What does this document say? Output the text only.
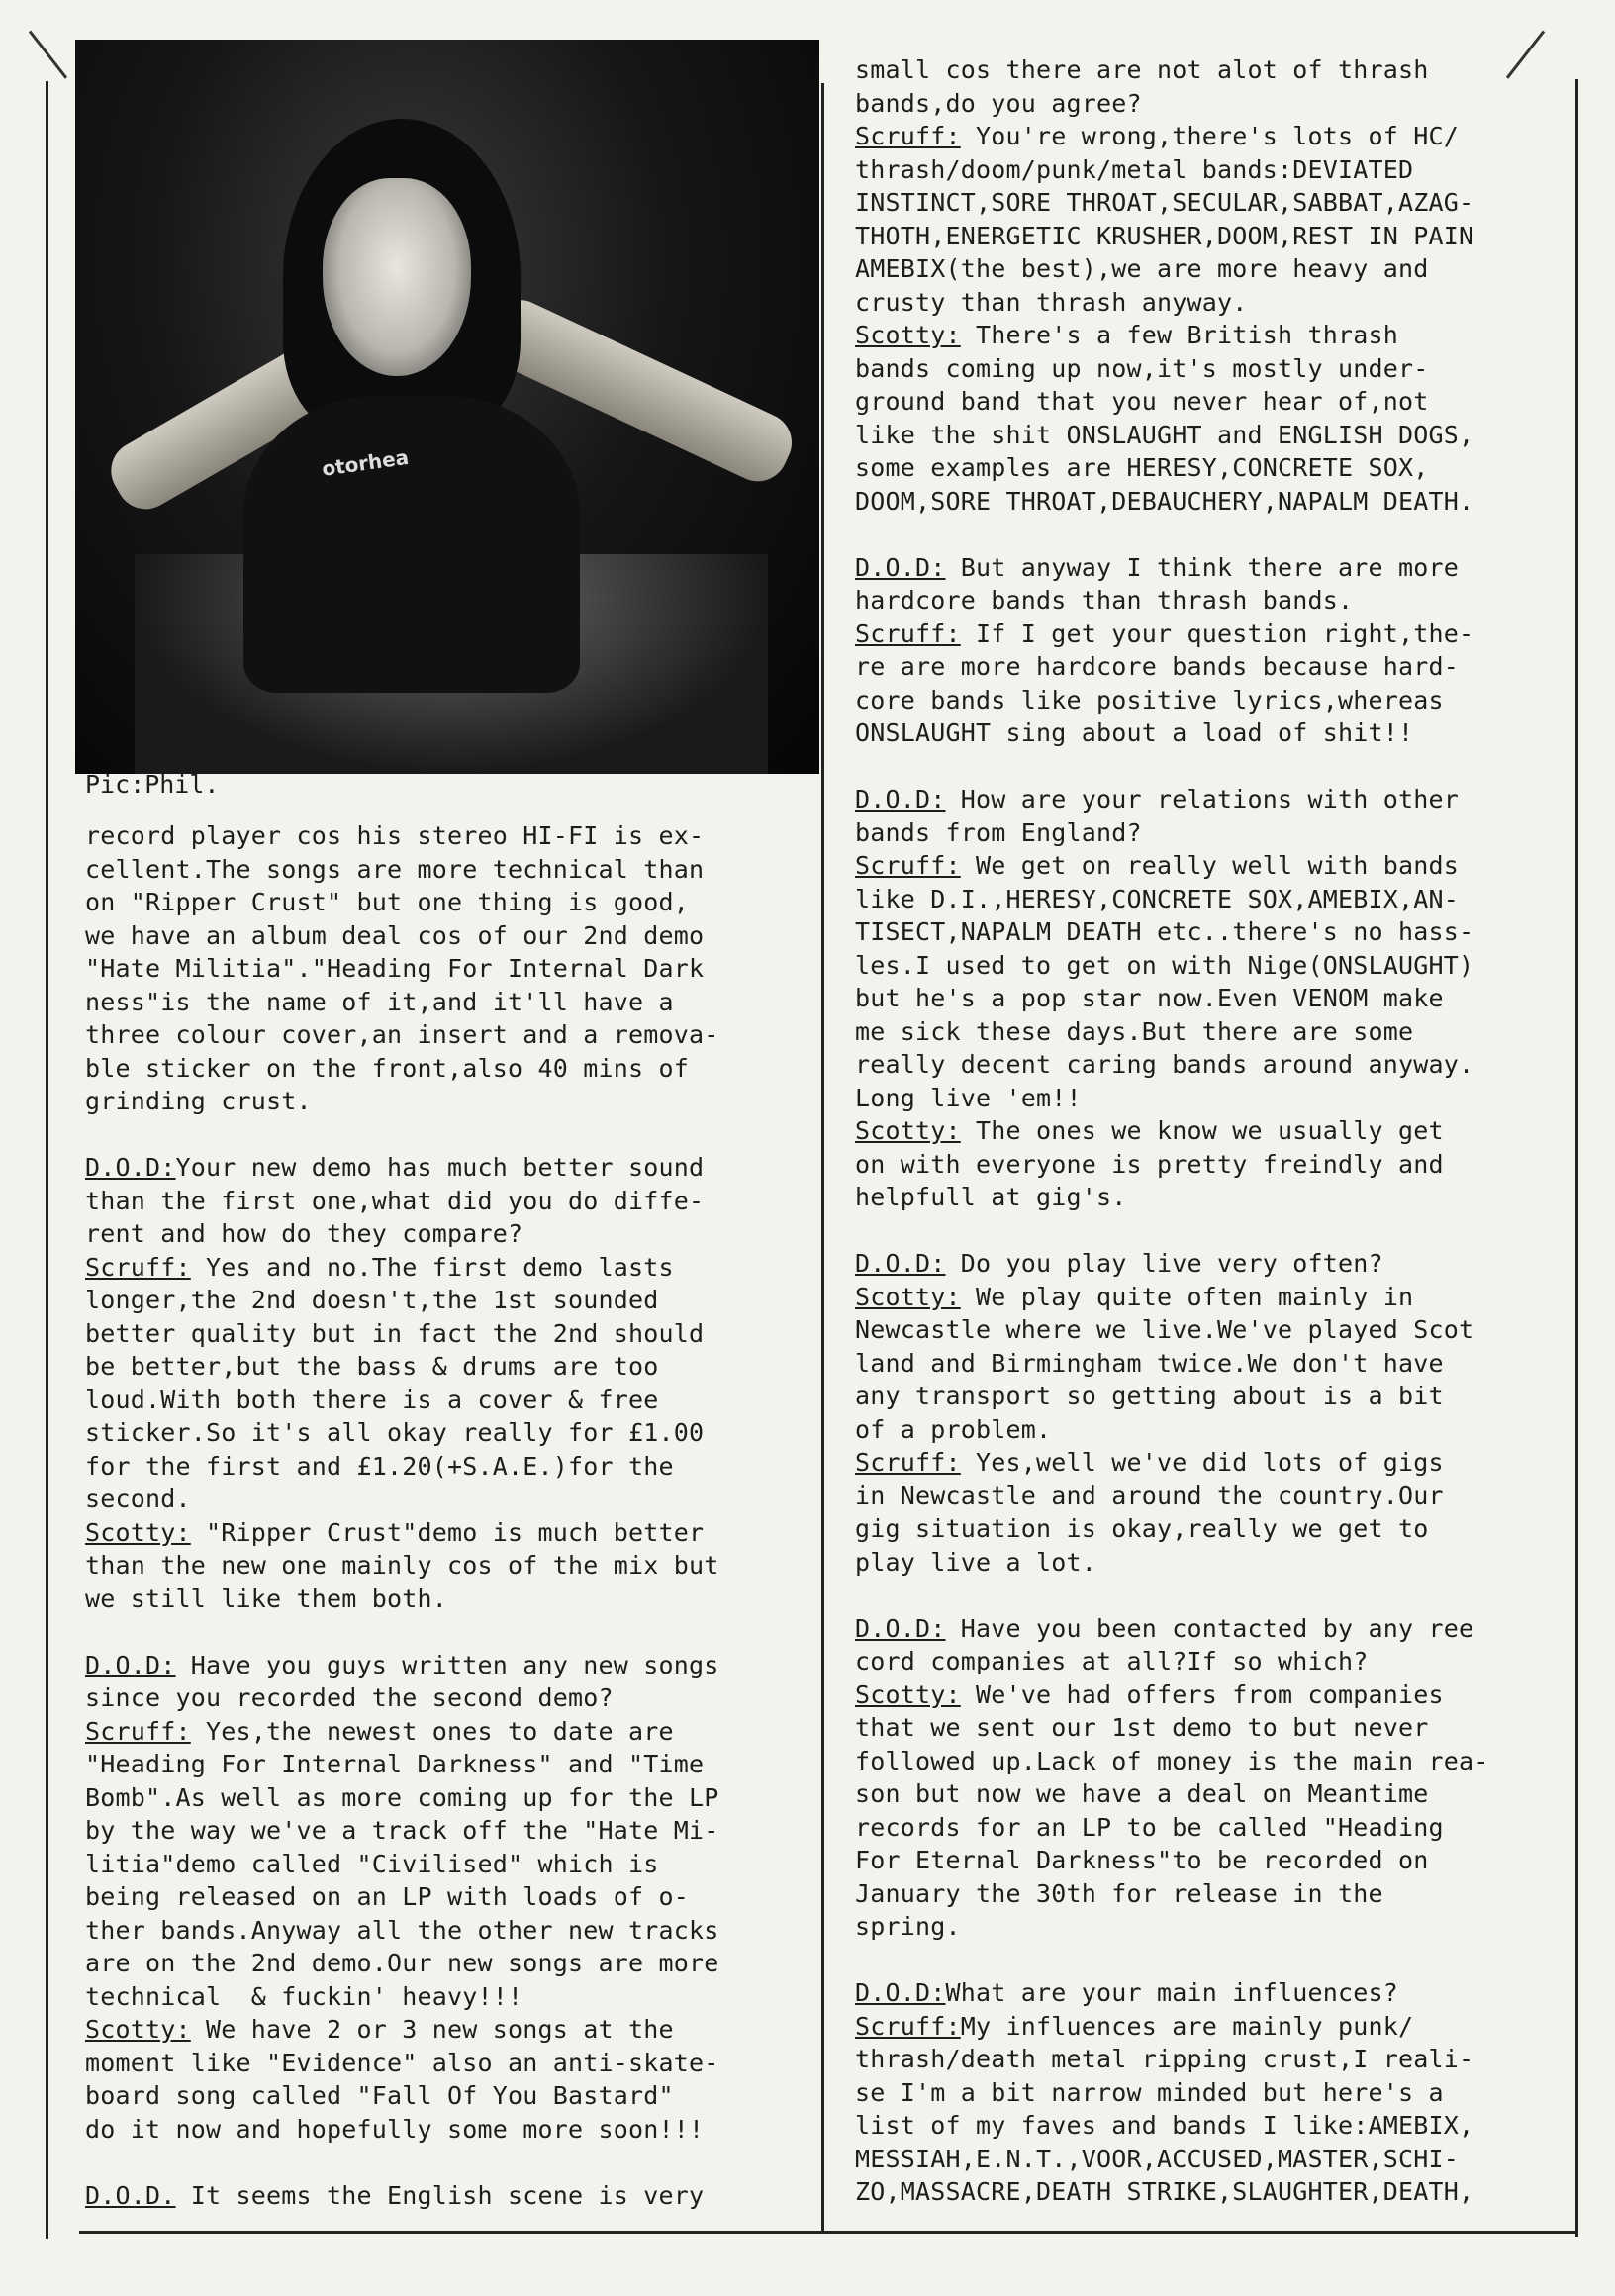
otorhea
Pic:Phil.
record player cos his stereo HI-FI is ex-
cellent.The songs are more technical than
on "Ripper Crust" but one thing is good,
we have an album deal cos of our 2nd demo
"Hate Militia"."Heading For Internal Dark
ness"is the name of it,and it'll have a
three colour cover,an insert and a remova-
ble sticker on the front,also 40 mins of
grinding crust.
D.O.D:Your new demo has much better sound
than the first one,what did you do diffe-
rent and how do they compare?
Scruff: Yes and no.The first demo lasts
longer,the 2nd doesn't,the 1st sounded
better quality but in fact the 2nd should
be better,but the bass & drums are too
loud.With both there is a cover & free
sticker.So it's all okay really for £1.00
for the first and £1.20(+S.A.E.)for the
second.
Scotty: "Ripper Crust"demo is much better
than the new one mainly cos of the mix but
we still like them both.
D.O.D: Have you guys written any new songs
since you recorded the second demo?
Scruff: Yes,the newest ones to date are
"Heading For Internal Darkness" and "Time
Bomb".As well as more coming up for the LP
by the way we've a track off the "Hate Mi-
litia"demo called "Civilised" which is
being released on an LP with loads of o-
ther bands.Anyway all the other new tracks
are on the 2nd demo.Our new songs are more
technical  & fuckin' heavy!!!
Scotty: We have 2 or 3 new songs at the
moment like "Evidence" also an anti-skate-
board song called "Fall Of You Bastard"
do it now and hopefully some more soon!!!
D.O.D. It seems the English scene is very
small cos there are not alot of thrash
bands,do you agree?
Scruff: You're wrong,there's lots of HC/
thrash/doom/punk/metal bands:DEVIATED
INSTINCT,SORE THROAT,SECULAR,SABBAT,AZAG-
THOTH,ENERGETIC KRUSHER,DOOM,REST IN PAIN
AMEBIX(the best),we are more heavy and
crusty than thrash anyway.
Scotty: There's a few British thrash
bands coming up now,it's mostly under-
ground band that you never hear of,not
like the shit ONSLAUGHT and ENGLISH DOGS,
some examples are HERESY,CONCRETE SOX,
DOOM,SORE THROAT,DEBAUCHERY,NAPALM DEATH.
D.O.D: But anyway I think there are more
hardcore bands than thrash bands.
Scruff: If I get your question right,the-
re are more hardcore bands because hard-
core bands like positive lyrics,whereas
ONSLAUGHT sing about a load of shit!!
D.O.D: How are your relations with other
bands from England?
Scruff: We get on really well with bands
like D.I.,HERESY,CONCRETE SOX,AMEBIX,AN-
TISECT,NAPALM DEATH etc..there's no hass-
les.I used to get on with Nige(ONSLAUGHT)
but he's a pop star now.Even VENOM make
me sick these days.But there are some
really decent caring bands around anyway.
Long live 'em!!
Scotty: The ones we know we usually get
on with everyone is pretty freindly and
helpfull at gig's.
D.O.D: Do you play live very often?
Scotty: We play quite often mainly in
Newcastle where we live.We've played Scot
land and Birmingham twice.We don't have
any transport so getting about is a bit
of a problem.
Scruff: Yes,well we've did lots of gigs
in Newcastle and around the country.Our
gig situation is okay,really we get to
play live a lot.
D.O.D: Have you been contacted by any ree
cord companies at all?If so which?
Scotty: We've had offers from companies
that we sent our 1st demo to but never
followed up.Lack of money is the main rea-
son but now we have a deal on Meantime
records for an LP to be called "Heading
For Eternal Darkness"to be recorded on
January the 30th for release in the
spring.
D.O.D:What are your main influences?
Scruff:My influences are mainly punk/
thrash/death metal ripping crust,I reali-
se I'm a bit narrow minded but here's a
list of my faves and bands I like:AMEBIX,
MESSIAH,E.N.T.,VOOR,ACCUSED,MASTER,SCHI-
ZO,MASSACRE,DEATH STRIKE,SLAUGHTER,DEATH,
